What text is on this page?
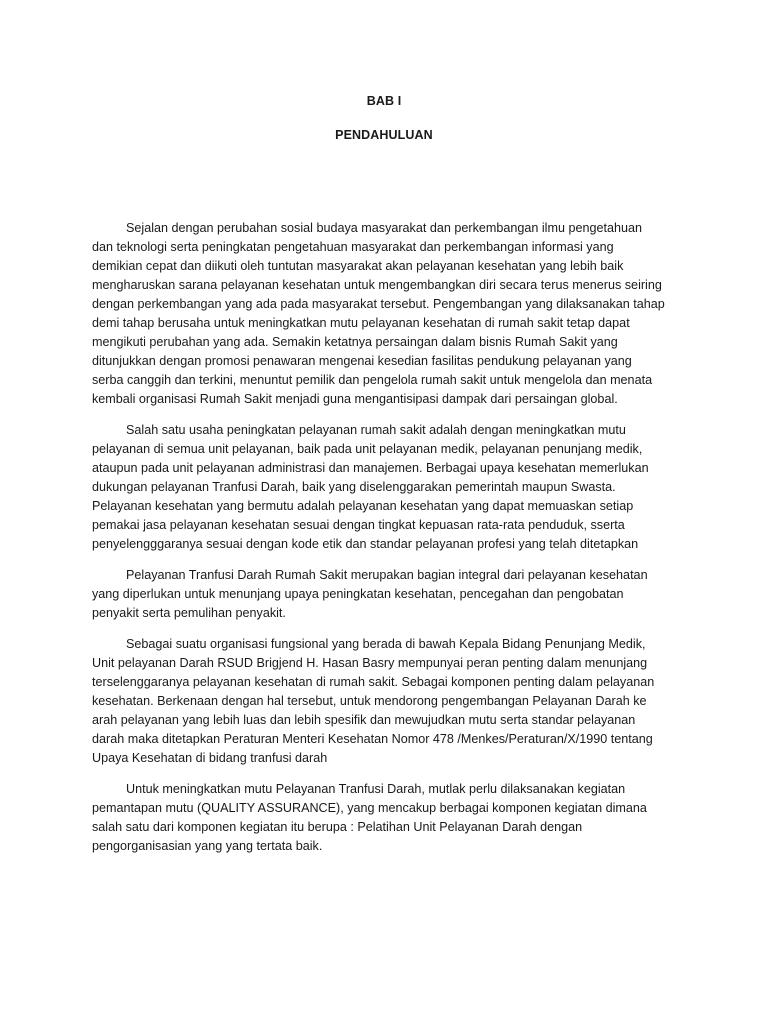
BAB I
PENDAHULUAN

Sejalan dengan perubahan sosial budaya masyarakat dan perkembangan ilmu pengetahuan dan teknologi serta peningkatan pengetahuan masyarakat dan perkembangan informasi yang demikian cepat dan diikuti oleh tuntutan masyarakat akan pelayanan kesehatan yang lebih baik mengharuskan sarana pelayanan kesehatan untuk mengembangkan diri secara terus menerus seiring dengan perkembangan yang ada pada masyarakat tersebut. Pengembangan yang dilaksanakan tahap demi tahap berusaha untuk meningkatkan mutu pelayanan kesehatan di rumah sakit tetap dapat mengikuti perubahan yang ada. Semakin ketatnya persaingan dalam bisnis Rumah Sakit yang ditunjukkan dengan promosi penawaran mengenai kesedian fasilitas pendukung pelayanan yang serba canggih dan terkini, menuntut pemilik dan pengelola rumah sakit untuk mengelola dan menata kembali organisasi Rumah Sakit menjadi guna mengantisipasi dampak dari persaingan global.

Salah satu usaha peningkatan pelayanan rumah sakit adalah dengan meningkatkan mutu pelayanan di semua unit pelayanan, baik pada unit pelayanan medik, pelayanan penunjang medik, ataupun pada unit pelayanan administrasi dan manajemen. Berbagai upaya kesehatan memerlukan dukungan pelayanan Tranfusi Darah, baik yang diselenggarakan pemerintah maupun Swasta. Pelayanan kesehatan yang bermutu adalah pelayanan kesehatan yang dapat memuaskan setiap pemakai jasa pelayanan kesehatan sesuai dengan tingkat kepuasan rata-rata penduduk, sserta penyelengggaranya sesuai dengan kode etik dan standar pelayanan profesi yang telah ditetapkan

Pelayanan Tranfusi Darah Rumah Sakit merupakan bagian integral dari pelayanan kesehatan yang diperlukan untuk menunjang upaya peningkatan kesehatan, pencegahan dan pengobatan penyakit serta pemulihan penyakit.

Sebagai suatu organisasi fungsional yang berada di bawah Kepala Bidang Penunjang Medik, Unit pelayanan Darah RSUD Brigjend H. Hasan Basry mempunyai peran penting dalam menunjang terselenggaranya pelayanan kesehatan di rumah sakit. Sebagai komponen penting dalam pelayanan kesehatan. Berkenaan dengan hal tersebut, untuk mendorong pengembangan Pelayanan Darah ke arah pelayanan yang lebih luas dan lebih spesifik dan mewujudkan mutu serta standar pelayanan darah maka ditetapkan Peraturan Menteri Kesehatan Nomor 478 /Menkes/Peraturan/X/1990 tentang Upaya Kesehatan di bidang tranfusi darah

Untuk meningkatkan mutu Pelayanan Tranfusi Darah, mutlak perlu dilaksanakan kegiatan pemantapan mutu (QUALITY ASSURANCE), yang mencakup berbagai komponen kegiatan dimana salah satu dari komponen kegiatan itu berupa : Pelatihan Unit Pelayanan Darah dengan pengorganisasian yang yang tertata baik.
